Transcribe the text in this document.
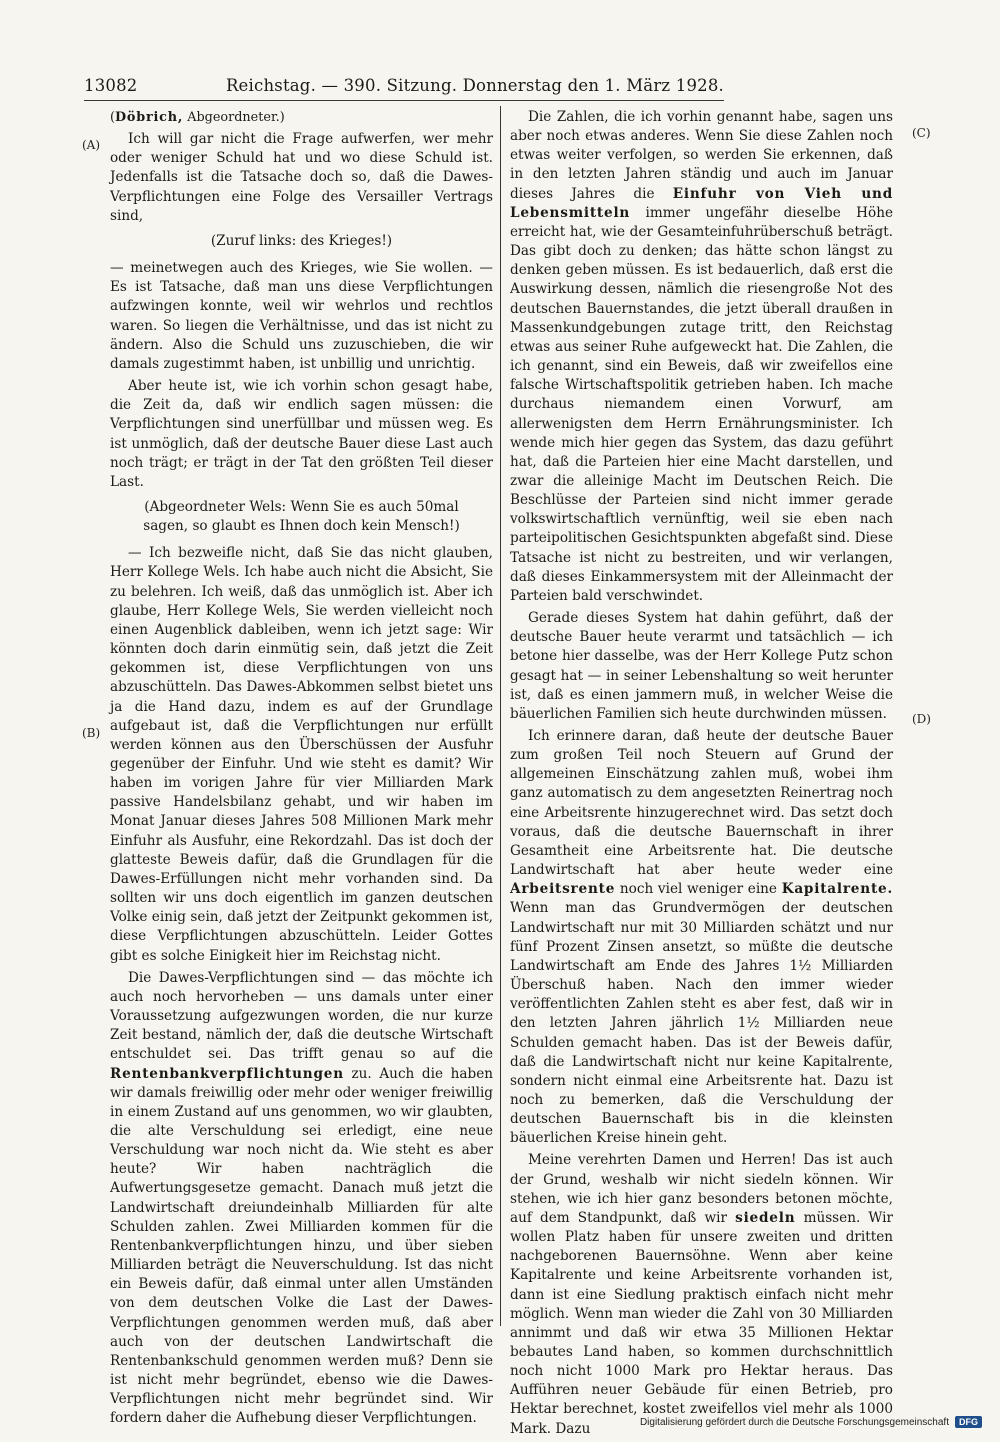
13082	Reichstag. — 390. Sitzung. Donnerstag den 1. März 1928.
(A)
(B)
(C)
(D)

(Döbrich, Abgeordneter.)

Ich will gar nicht die Frage aufwerfen, wer mehr oder weniger Schuld hat und wo diese Schuld ist. Jedenfalls ist die Tatsache doch so, daß die Dawes-Verpflichtungen eine Folge des Versailler Vertrags sind,

(Zuruf links: des Krieges!)

— meinetwegen auch des Krieges, wie Sie wollen. — Es ist Tatsache, daß man uns diese Verpflichtungen aufzwingen konnte, weil wir wehrlos und rechtlos waren. So liegen die Verhältnisse, und das ist nicht zu ändern. Also die Schuld uns zuzuschieben, die wir damals zugestimmt haben, ist unbillig und unrichtig.

Aber heute ist, wie ich vorhin schon gesagt habe, die Zeit da, daß wir endlich sagen müssen: die Verpflichtungen sind unerfüllbar und müssen weg. Es ist unmöglich, daß der deutsche Bauer diese Last auch noch trägt; er trägt in der Tat den größten Teil dieser Last.

(Abgeordneter Wels: Wenn Sie es auch 50mal sagen, so glaubt es Ihnen doch kein Mensch!)

— Ich bezweifle nicht, daß Sie das nicht glauben, Herr Kollege Wels. Ich habe auch nicht die Absicht, Sie zu belehren. Ich weiß, daß das unmöglich ist. Aber ich glaube, Herr Kollege Wels, Sie werden vielleicht noch einen Augenblick dableiben, wenn ich jetzt sage: Wir könnten doch darin einmütig sein, daß jetzt die Zeit gekommen ist, diese Verpflichtungen von uns abzuschütteln. Das Dawes-Abkommen selbst bietet uns ja die Hand dazu, indem es auf der Grundlage aufgebaut ist, daß die Verpflichtungen nur erfüllt werden können aus den Überschüssen der Ausfuhr gegenüber der Einfuhr. Und wie steht es damit? Wir haben im vorigen Jahre für vier Milliarden Mark passive Handelsbilanz gehabt, und wir haben im Monat Januar dieses Jahres 508 Millionen Mark mehr Einfuhr als Ausfuhr, eine Rekordzahl. Das ist doch der glatteste Beweis dafür, daß die Grundlagen für die Dawes-Erfüllungen nicht mehr vorhanden sind. Da sollten wir uns doch eigentlich im ganzen deutschen Volke einig sein, daß jetzt der Zeitpunkt gekommen ist, diese Verpflichtungen abzuschütteln. Leider Gottes gibt es solche Einigkeit hier im Reichstag nicht.

Die Dawes-Verpflichtungen sind — das möchte ich auch noch hervorheben — uns damals unter einer Voraussetzung aufgezwungen worden, die nur kurze Zeit bestand, nämlich der, daß die deutsche Wirtschaft entschuldet sei. Das trifft genau so auf die Rentenbankverpflichtungen zu. Auch die haben wir damals freiwillig oder mehr oder weniger freiwillig in einem Zustand auf uns genommen, wo wir glaubten, die alte Verschuldung sei erledigt, eine neue Verschuldung war noch nicht da. Wie steht es aber heute? Wir haben nachträglich die Aufwertungsgesetze gemacht. Danach muß jetzt die Landwirtschaft dreiundeinhalb Milliarden für alte Schulden zahlen. Zwei Milliarden kommen für die Rentenbankverpflichtungen hinzu, und über sieben Milliarden beträgt die Neuverschuldung. Ist das nicht ein Beweis dafür, daß einmal unter allen Umständen von dem deutschen Volke die Last der Dawes-Verpflichtungen genommen werden muß, daß aber auch von der deutschen Landwirtschaft die Rentenbankschuld genommen werden muß? Denn sie ist nicht mehr begründet, ebenso wie die Dawes-Verpflichtungen nicht mehr begründet sind. Wir fordern daher die Aufhebung dieser Verpflichtungen.

Die Zahlen, die ich vorhin genannt habe, sagen uns aber noch etwas anderes. Wenn Sie diese Zahlen noch etwas weiter verfolgen, so werden Sie erkennen, daß in den letzten Jahren ständig und auch im Januar dieses Jahres die Einfuhr von Vieh und Lebensmitteln immer ungefähr dieselbe Höhe erreicht hat, wie der Gesamteinfuhrüberschuß beträgt. Das gibt doch zu denken; das hätte schon längst zu denken geben müssen. Es ist bedauerlich, daß erst die Auswirkung dessen, nämlich die riesengroße Not des deutschen Bauernstandes, die jetzt überall draußen in Massenkundgebungen zutage tritt, den Reichstag etwas aus seiner Ruhe aufgeweckt hat. Die Zahlen, die ich genannt, sind ein Beweis, daß wir zweifellos eine falsche Wirtschaftspolitik getrieben haben. Ich mache durchaus niemandem einen Vorwurf, am allerwenigsten dem Herrn Ernährungsminister. Ich wende mich hier gegen das System, das dazu geführt hat, daß die Parteien hier eine Macht darstellen, und zwar die alleinige Macht im Deutschen Reich. Die Beschlüsse der Parteien sind nicht immer gerade volkswirtschaftlich vernünftig, weil sie eben nach parteipolitischen Gesichtspunkten abgefaßt sind. Diese Tatsache ist nicht zu bestreiten, und wir verlangen, daß dieses Einkammersystem mit der Alleinmacht der Parteien bald verschwindet.

Gerade dieses System hat dahin geführt, daß der deutsche Bauer heute verarmt und tatsächlich — ich betone hier dasselbe, was der Herr Kollege Putz schon gesagt hat — in seiner Lebenshaltung so weit herunter ist, daß es einen jammern muß, in welcher Weise die bäuerlichen Familien sich heute durchwinden müssen.

Ich erinnere daran, daß heute der deutsche Bauer zum großen Teil noch Steuern auf Grund der allgemeinen Einschätzung zahlen muß, wobei ihm ganz automatisch zu dem angesetzten Reinertrag noch eine Arbeitsrente hinzugerechnet wird. Das setzt doch voraus, daß die deutsche Bauernschaft in ihrer Gesamtheit eine Arbeitsrente hat. Die deutsche Landwirtschaft hat aber heute weder eine Arbeitsrente noch viel weniger eine Kapitalrente. Wenn man das Grundvermögen der deutschen Landwirtschaft nur mit 30 Milliarden schätzt und nur fünf Prozent Zinsen ansetzt, so müßte die deutsche Landwirtschaft am Ende des Jahres 1½ Milliarden Überschuß haben. Nach den immer wieder veröffentlichten Zahlen steht es aber fest, daß wir in den letzten Jahren jährlich 1½ Milliarden neue Schulden gemacht haben. Das ist der Beweis dafür, daß die Landwirtschaft nicht nur keine Kapitalrente, sondern nicht einmal eine Arbeitsrente hat. Dazu ist noch zu bemerken, daß die Verschuldung der deutschen Bauernschaft bis in die kleinsten bäuerlichen Kreise hinein geht.

Meine verehrten Damen und Herren! Das ist auch der Grund, weshalb wir nicht siedeln können. Wir stehen, wie ich hier ganz besonders betonen möchte, auf dem Standpunkt, daß wir siedeln müssen. Wir wollen Platz haben für unsere zweiten und dritten nachgeborenen Bauernsöhne. Wenn aber keine Kapitalrente und keine Arbeitsrente vorhanden ist, dann ist eine Siedlung praktisch einfach nicht mehr möglich. Wenn man wieder die Zahl von 30 Milliarden annimmt und daß wir etwa 35 Millionen Hektar bebautes Land haben, so kommen durchschnittlich noch nicht 1000 Mark pro Hektar heraus. Das Aufführen neuer Gebäude für einen Betrieb, pro Hektar berechnet, kostet zweifellos viel mehr als 1000 Mark. Dazu	Digitalisierung gefördert durch die Deutsche Forschungsgemeinschaft	DFG
